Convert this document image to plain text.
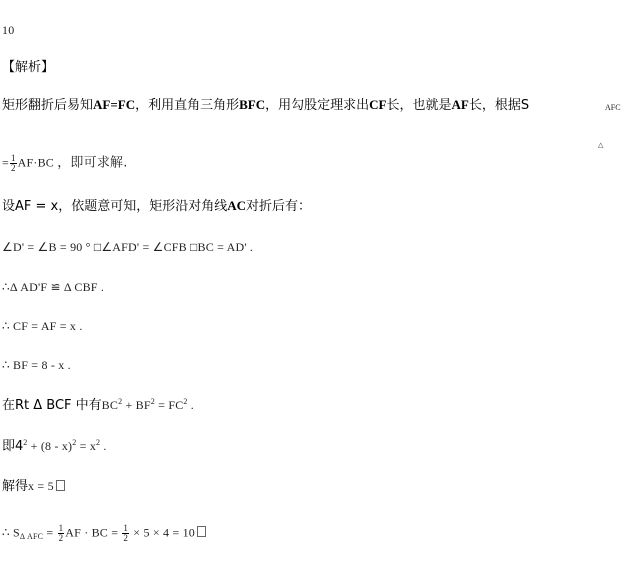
10
【解析】
矩形翻折后易知AF=FC，利用直角三角形BFC，用勾股定理求出CF长，也就是AF长，根据S	AFC
△
= $\frac{1}{2} AF\cdot BC$ ，即可求解.
设AF = x，依题意可知，矩形沿对角线AC对折后有：
∠D' = ∠B = 90 ° □∠AFD' = ∠CFB □BC = AD' .
∴Δ AD'F ≌ Δ CBF .
∴ CF = AF = x .
∴ BF = 8 - x .
在Rt Δ BCF 中有$BC^2 + BF^2 = FC^2$ .
即$4^2 + (8 - x)^2 = x^2$ .
解得x = 5
∴ $S_{\Delta AFC} = \frac{1}{2}$ AF · BC = $\frac{1}{2} \times 5 \times 4 = 10$
